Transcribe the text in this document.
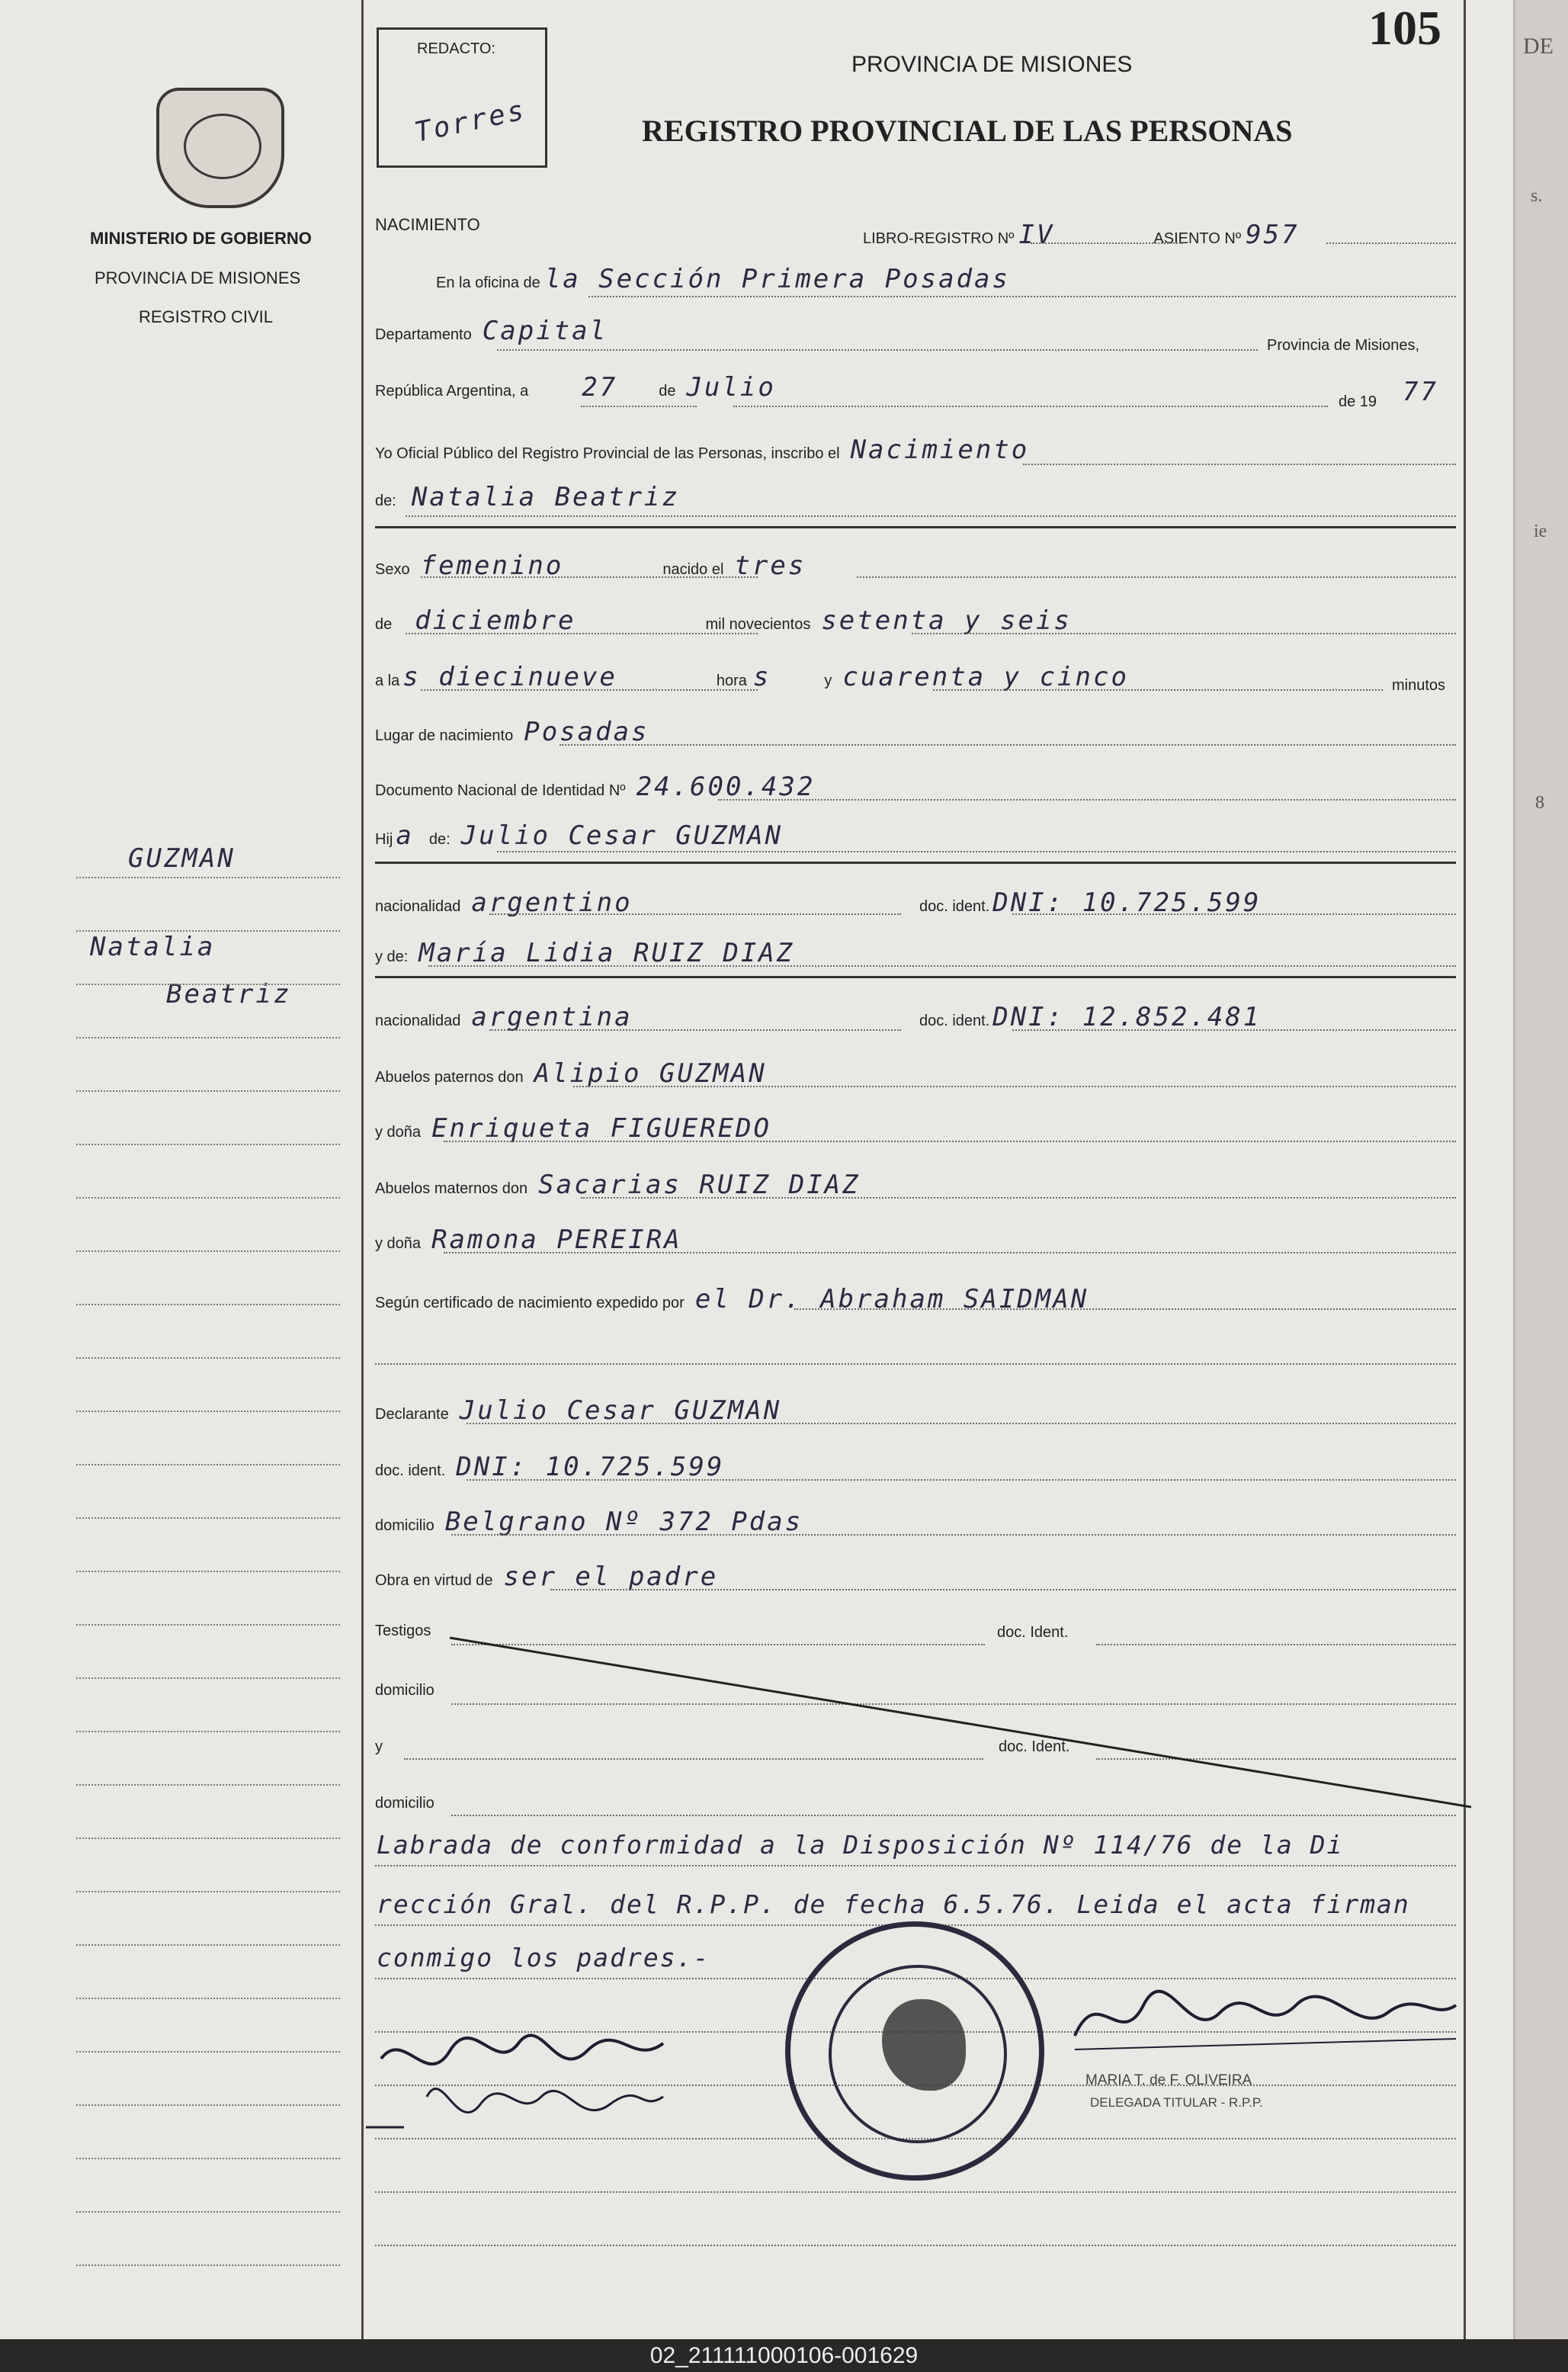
MINISTERIO DE GOBIERNO
PROVINCIA DE MISIONES
REGISTRO CIVIL
GUZMAN
Natalia
Beatriz
REDACTO:
Torres
PROVINCIA DE MISIONES
REGISTRO PROVINCIAL DE LAS PERSONAS
105
NACIMIENTO
LIBRO-REGISTRO Nº IV	ASIENTO Nº 957
En la oficina de la Sección Primera Posadas
Departamento Capital	Provincia de Misiones,
República Argentina, a 27	de Julio	de 19 77
Yo Oficial Público del Registro Provincial de las Personas, inscribo el Nacimiento
de: Natalia Beatriz
Sexo femenino	nacido el tres
de diciembre	mil novecientos setenta y seis
a la s diecinueve	hora s	y cuarenta y cinco	minutos
Lugar de nacimiento Posadas
Documento Nacional de Identidad Nº 24.600.432
Hij a de: Julio Cesar GUZMAN
nacionalidad argentino	doc. ident. DNI: 10.725.599
y de: María Lidia RUIZ DIAZ
nacionalidad argentina	doc. ident. DNI: 12.852.481
Abuelos paternos don Alipio GUZMAN
y doña Enriqueta FIGUEREDO
Abuelos maternos don Sacarias RUIZ DIAZ
y doña Ramona PEREIRA
Según certificado de nacimiento expedido por el Dr. Abraham SAIDMAN
Declarante Julio Cesar GUZMAN
doc. ident. DNI: 10.725.599
domicilio Belgrano Nº 372 Pdas
Obra en virtud de ser el padre
Testigos	doc. Ident.
domicilio
y	doc. Ident.
domicilio
Labrada de conformidad a la Disposición Nº 114/76 de la Di
rección Gral. del R.P.P. de fecha 6.5.76. Leida el acta firman
conmigo los padres.-
MARIA T. de F. OLIVEIRA
DELEGADA TITULAR - R.P.P.
DE
s.
ie
8
02_211111000106-001629
